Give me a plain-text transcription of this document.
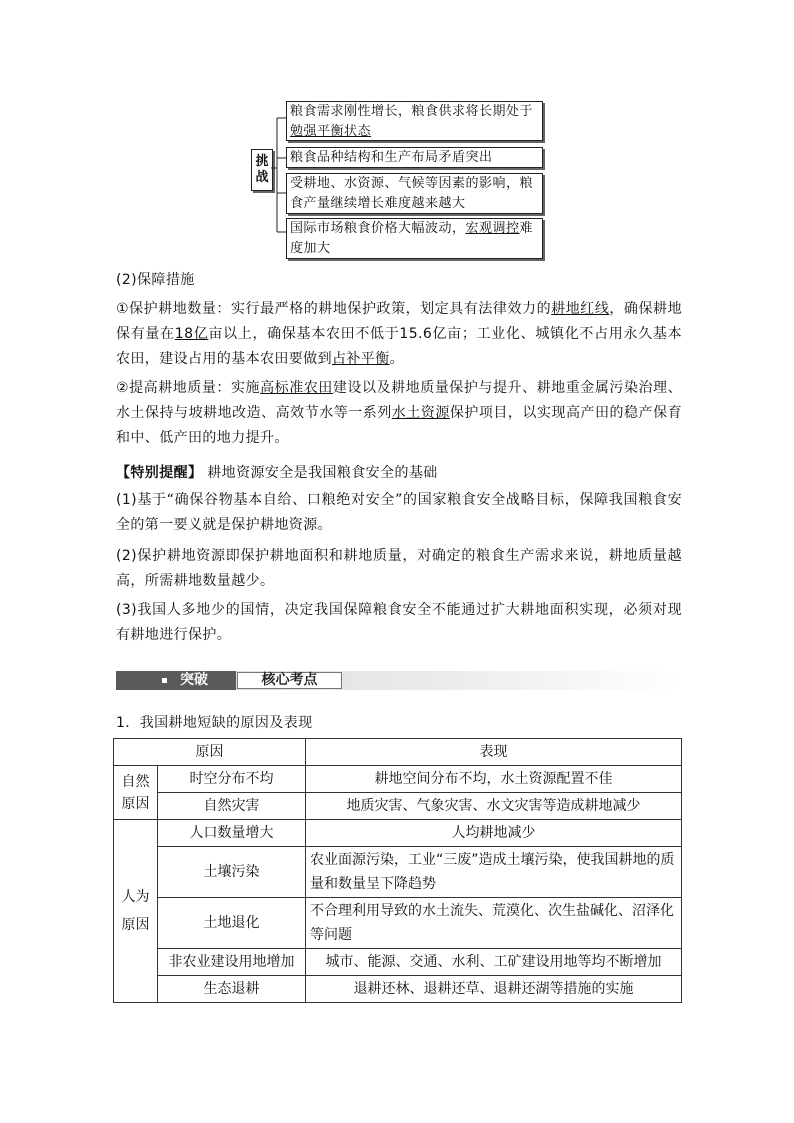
挑
战
粮食需求刚性增长，粮食供求将长期处于勉强平衡状态
粮食品种结构和生产布局矛盾突出
受耕地、水资源、气候等因素的影响，粮食产量继续增长难度越来越大
国际市场粮食价格大幅波动，宏观调控难度加大
(2)保障措施
①保护耕地数量：实行最严格的耕地保护政策，划定具有法律效力的耕地红线，确保耕地保有量在18亿亩以上，确保基本农田不低于15.6亿亩；工业化、城镇化不占用永久基本农田，建设占用的基本农田要做到占补平衡。
②提高耕地质量：实施高标准农田建设以及耕地质量保护与提升、耕地重金属污染治理、水土保持与坡耕地改造、高效节水等一系列水土资源保护项目，以实现高产田的稳产保育和中、低产田的地力提升。
【特别提醒】 耕地资源安全是我国粮食安全的基础
(1)基于“确保谷物基本自给、口粮绝对安全”的国家粮食安全战略目标，保障我国粮食安全的第一要义就是保护耕地资源。
(2)保护耕地资源即保护耕地面积和耕地质量，对确定的粮食生产需求来说，耕地质量越高，所需耕地数量越少。
(3)我国人多地少的国情，决定我国保障粮食安全不能通过扩大耕地面积实现，必须对现有耕地进行保护。
突破	核心考点
1．我国耕地短缺的原因及表现
原因		表现
自然原因	时空分布不均	耕地空间分布不均，水土资源配置不佳
	自然灾害	地质灾害、气象灾害、水文灾害等造成耕地减少
人为原因	人口数量增大	人均耕地减少
	土壤污染	农业面源污染，工业“三废”造成土壤污染，使我国耕地的质量和数量呈下降趋势
	土地退化	不合理利用导致的水土流失、荒漠化、次生盐碱化、沼泽化等问题
	非农业建设用地增加	城市、能源、交通、水利、工矿建设用地等均不断增加
	生态退耕	退耕还林、退耕还草、退耕还湖等措施的实施
